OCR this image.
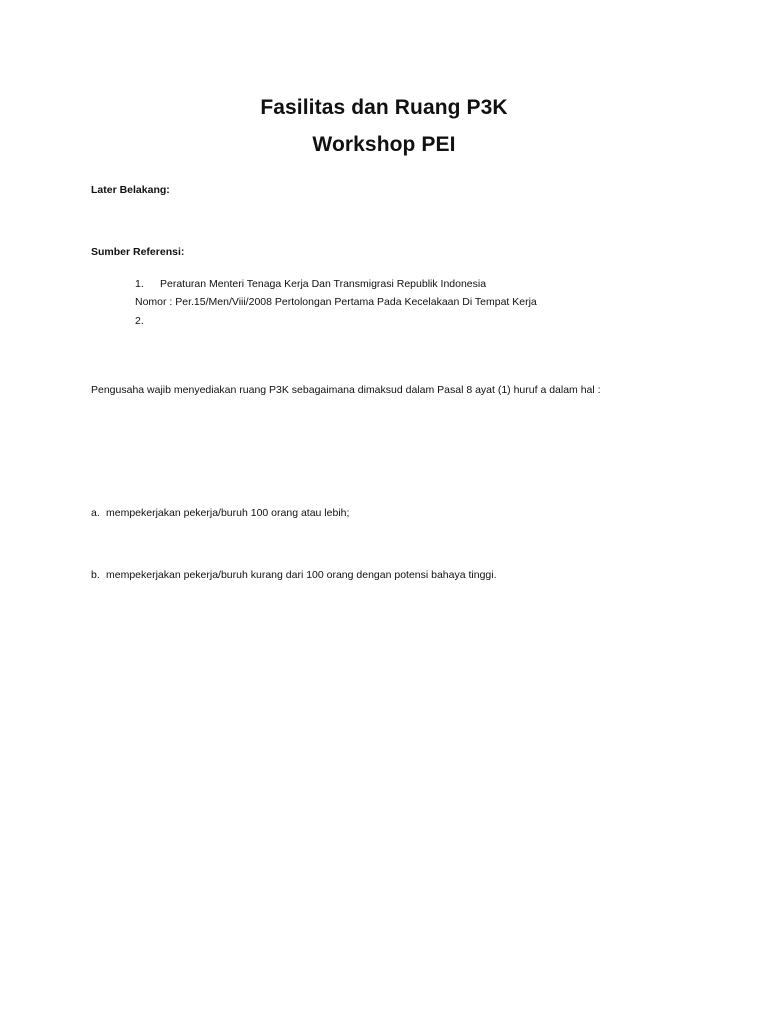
Fasilitas dan Ruang P3K
Workshop PEI
Later Belakang:
Sumber Referensi:
1. Peraturan Menteri Tenaga Kerja Dan Transmigrasi Republik Indonesia
Nomor : Per.15/Men/Viii/2008 Pertolongan Pertama Pada Kecelakaan Di Tempat Kerja
2.
Pengusaha wajib menyediakan ruang P3K sebagaimana dimaksud dalam Pasal 8 ayat (1) huruf a dalam hal :
a. mempekerjakan pekerja/buruh 100 orang atau lebih;
b. mempekerjakan pekerja/buruh kurang dari 100 orang dengan potensi bahaya tinggi.
